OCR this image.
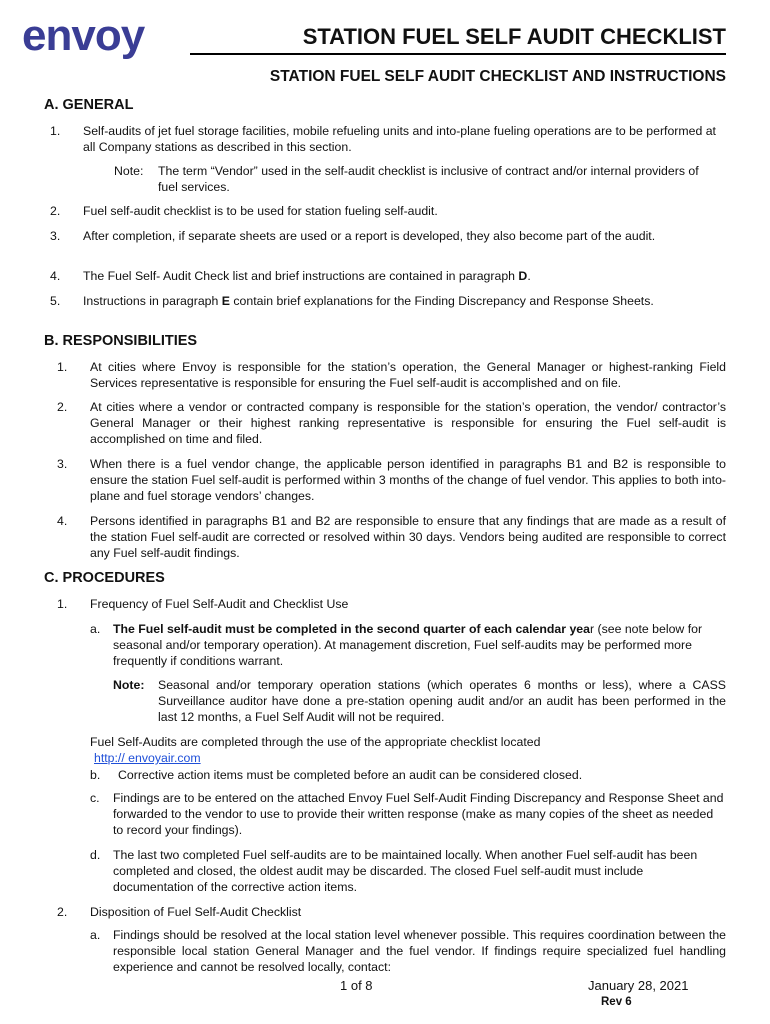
envoy	STATION FUEL SELF AUDIT CHECKLIST
STATION FUEL SELF AUDIT CHECKLIST AND INSTRUCTIONS
A. GENERAL
1. Self-audits of jet fuel storage facilities, mobile refueling units and into-plane fueling operations are to be performed at all Company stations as described in this section.
Note:	The term “Vendor” used in the self-audit checklist is inclusive of contract and/or internal providers of fuel services.
2. Fuel self-audit checklist is to be used for station fueling self-audit.
3. After completion, if separate sheets are used or a report is developed, they also become part of the audit.
4. The Fuel Self- Audit Check list and brief instructions are contained in paragraph D.
5. Instructions in paragraph E contain brief explanations for the Finding Discrepancy and Response Sheets.
B. RESPONSIBILITIES
1. At cities where Envoy is responsible for the station’s operation, the General Manager or highest-ranking Field Services representative is responsible for ensuring the Fuel self-audit is accomplished and on file.
2. At cities where a vendor or contracted company is responsible for the station’s operation, the vendor/ contractor’s General Manager or their highest ranking representative is responsible for ensuring the Fuel self-audit is accomplished on time and filed.
3. When there is a fuel vendor change, the applicable person identified in paragraphs B1 and B2 is responsible to ensure the station Fuel self-audit is performed within 3 months of the change of fuel vendor. This applies to both into-plane and fuel storage vendors’ changes.
4. Persons identified in paragraphs B1 and B2 are responsible to ensure that any findings that are made as a result of the station Fuel self-audit are corrected or resolved within 30 days. Vendors being audited are responsible to correct any Fuel self-audit findings.
C. PROCEDURES
1. Frequency of Fuel Self-Audit and Checklist Use
a. The Fuel self-audit must be completed in the second quarter of each calendar year (see note below for seasonal and/or temporary operation). At management discretion, Fuel self-audits may be performed more frequently if conditions warrant.
Note:	Seasonal and/or temporary operation stations (which operates 6 months or less), where a CASS Surveillance auditor have done a pre-station opening audit and/or an audit has been performed in the last 12 months, a Fuel Self Audit will not be required.
Fuel Self-Audits are completed through the use of the appropriate checklist located
http:// envoyair.com
b. Corrective action items must be completed before an audit can be considered closed.
c. Findings are to be entered on the attached Envoy Fuel Self-Audit Finding Discrepancy and Response Sheet and forwarded to the vendor to use to provide their written response (make as many copies of the sheet as needed to record your findings).
d. The last two completed Fuel self-audits are to be maintained locally. When another Fuel self-audit has been completed and closed, the oldest audit may be discarded. The closed Fuel self-audit must include documentation of the corrective action items.
2. Disposition of Fuel Self-Audit Checklist
a. Findings should be resolved at the local station level whenever possible. This requires coordination between the responsible local station General Manager and the fuel vendor. If findings require specialized fuel handling experience and cannot be resolved locally, contact:
1 of 8	January 28, 2021
Rev 6
